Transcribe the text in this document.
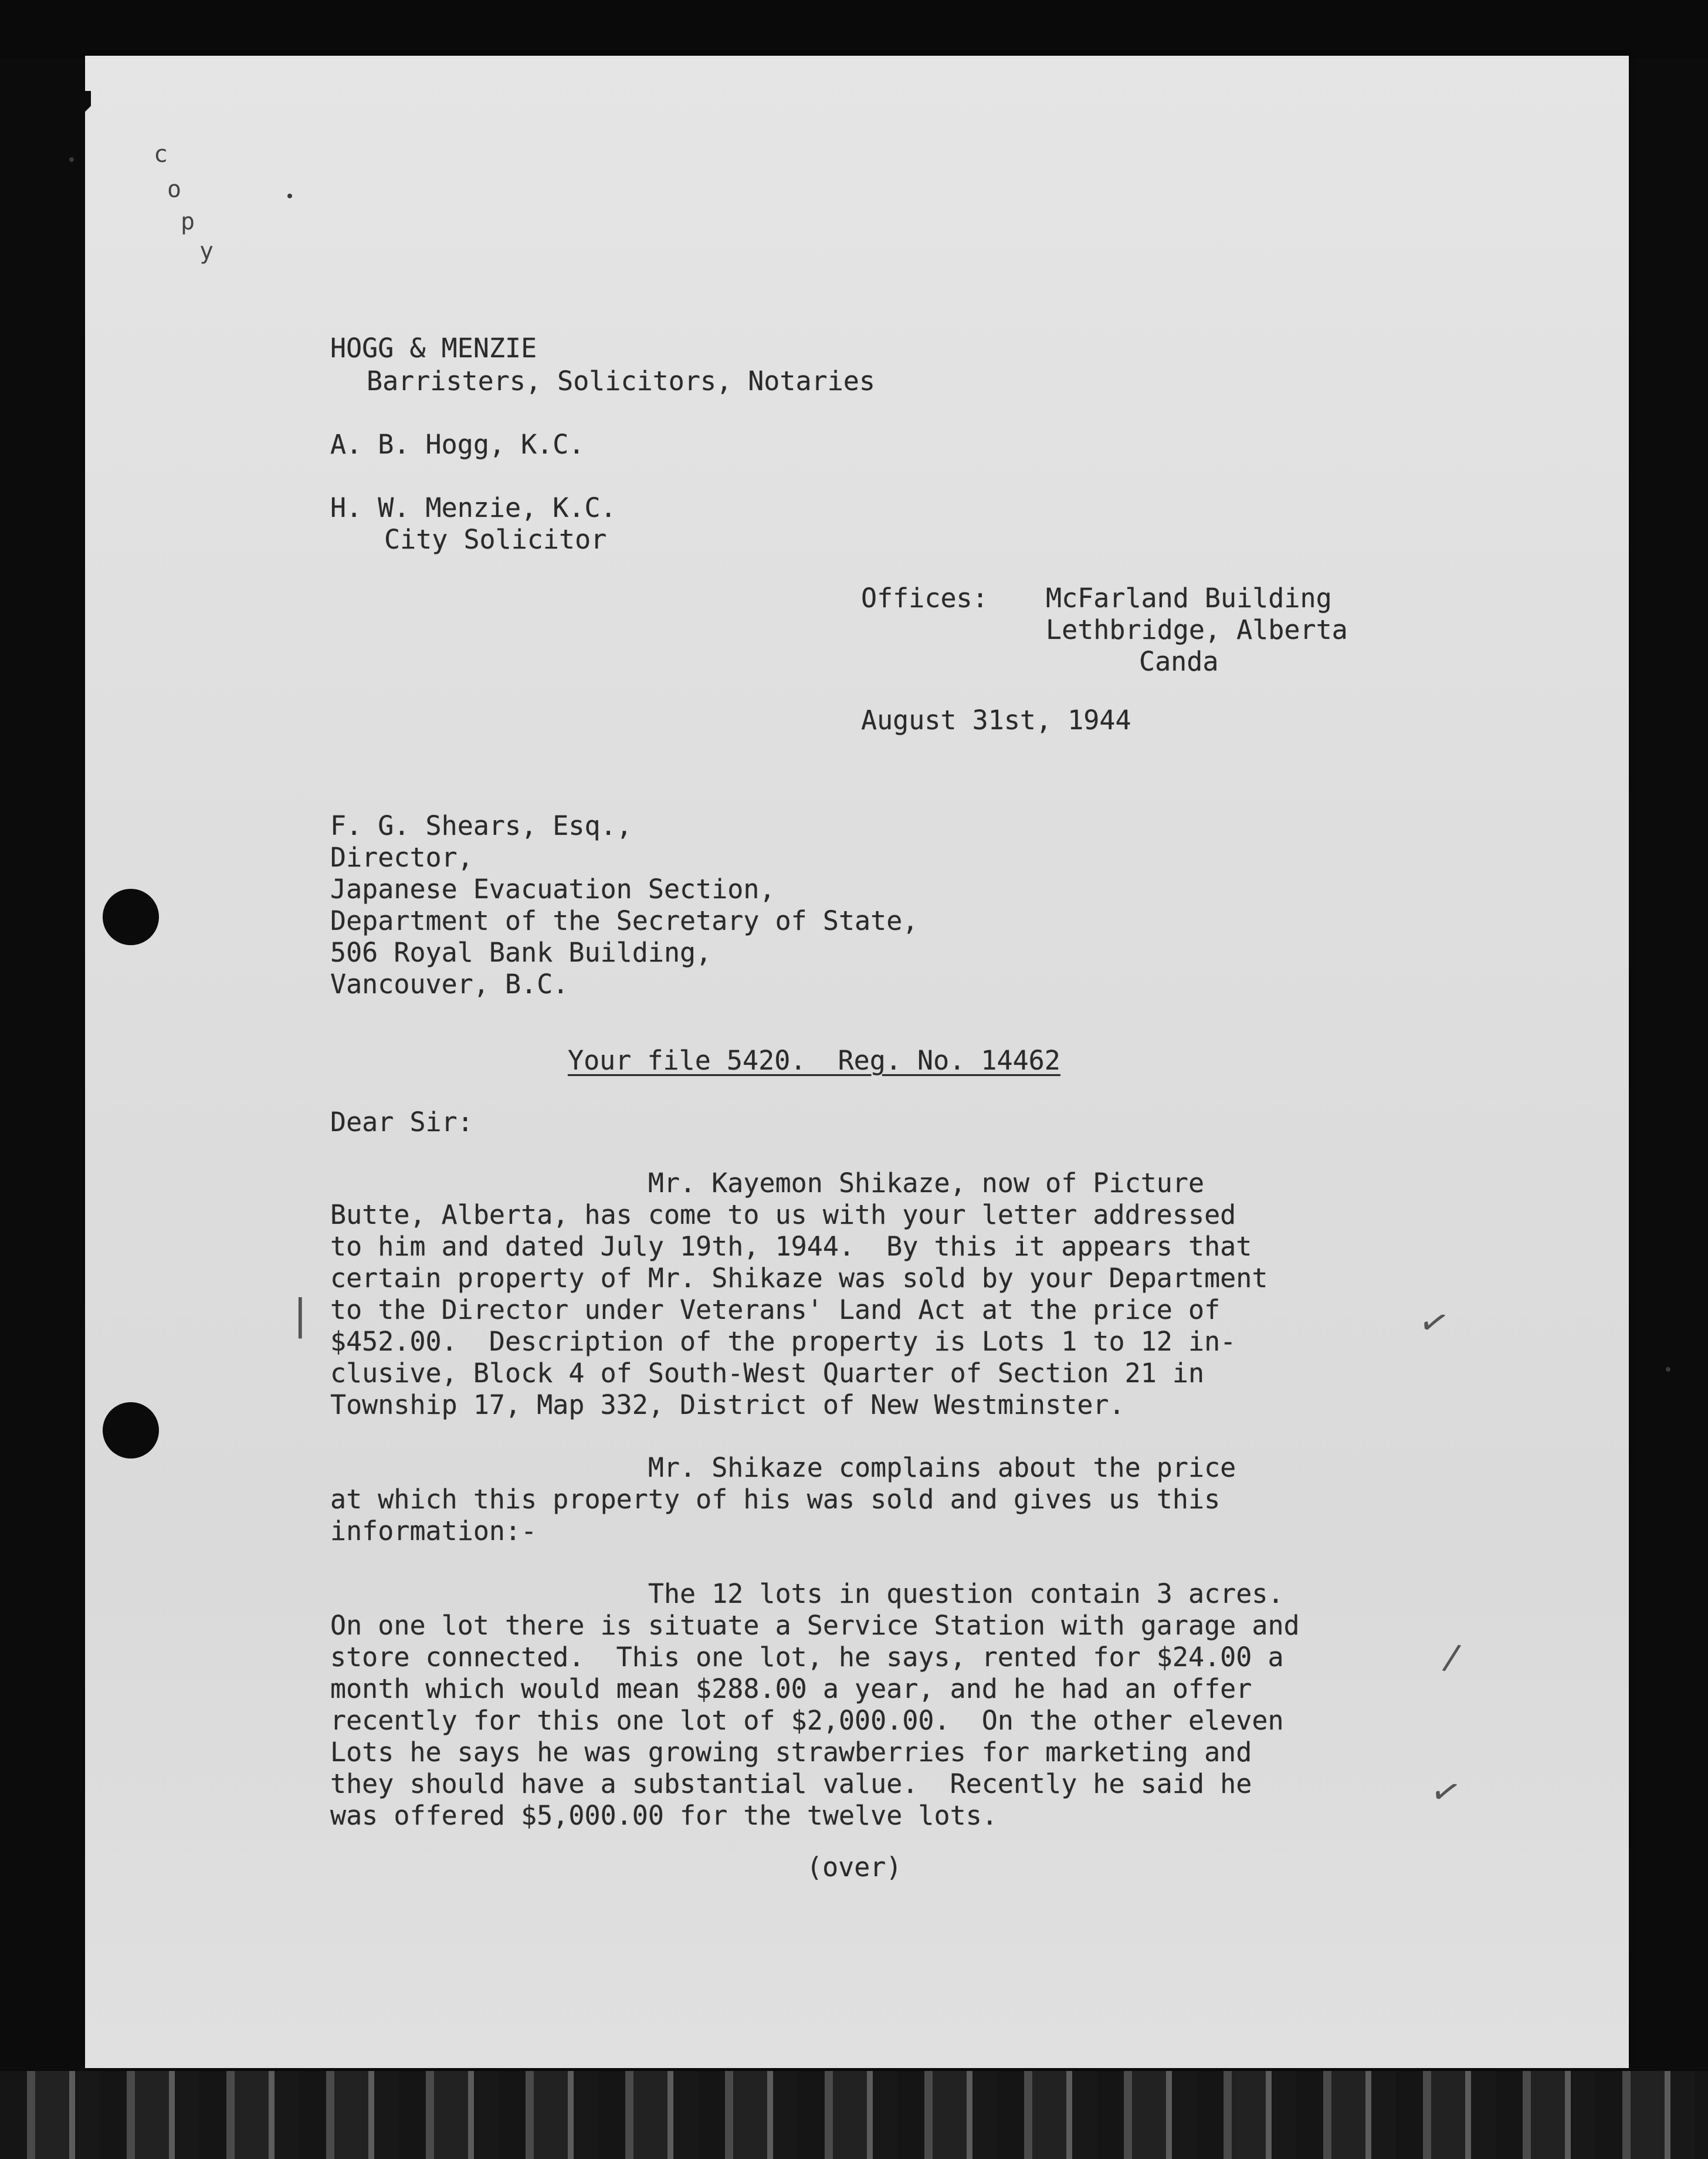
c
o
p
y
HOGG & MENZIE
Barristers, Solicitors, Notaries
A. B. Hogg, K.C.
H. W. Menzie, K.C.
City Solicitor
Offices: McFarland Building
Lethbridge, Alberta
Canda
August 31st, 1944
F. G. Shears, Esq.,
Director,
Japanese Evacuation Section,
Department of the Secretary of State,
506 Royal Bank Building,
Vancouver, B.C.
Your file 5420.  Reg. No. 14462
Dear Sir:
Mr. Kayemon Shikaze, now of Picture
Butte, Alberta, has come to us with your letter addressed
to him and dated July 19th, 1944.  By this it appears that
certain property of Mr. Shikaze was sold by your Department
to the Director under Veterans' Land Act at the price of
$452.00.  Description of the property is Lots 1 to 12 in-
clusive, Block 4 of South-West Quarter of Section 21 in
Township 17, Map 332, District of New Westminster.
Mr. Shikaze complains about the price
at which this property of his was sold and gives us this
information:-
The 12 lots in question contain 3 acres.
On one lot there is situate a Service Station with garage and
store connected.  This one lot, he says, rented for $24.00 a
month which would mean $288.00 a year, and he had an offer
recently for this one lot of $2,000.00.  On the other eleven
Lots he says he was growing strawberries for marketing and
they should have a substantial value.  Recently he said he
was offered $5,000.00 for the twelve lots.
(over)
✓
/
✓
|
